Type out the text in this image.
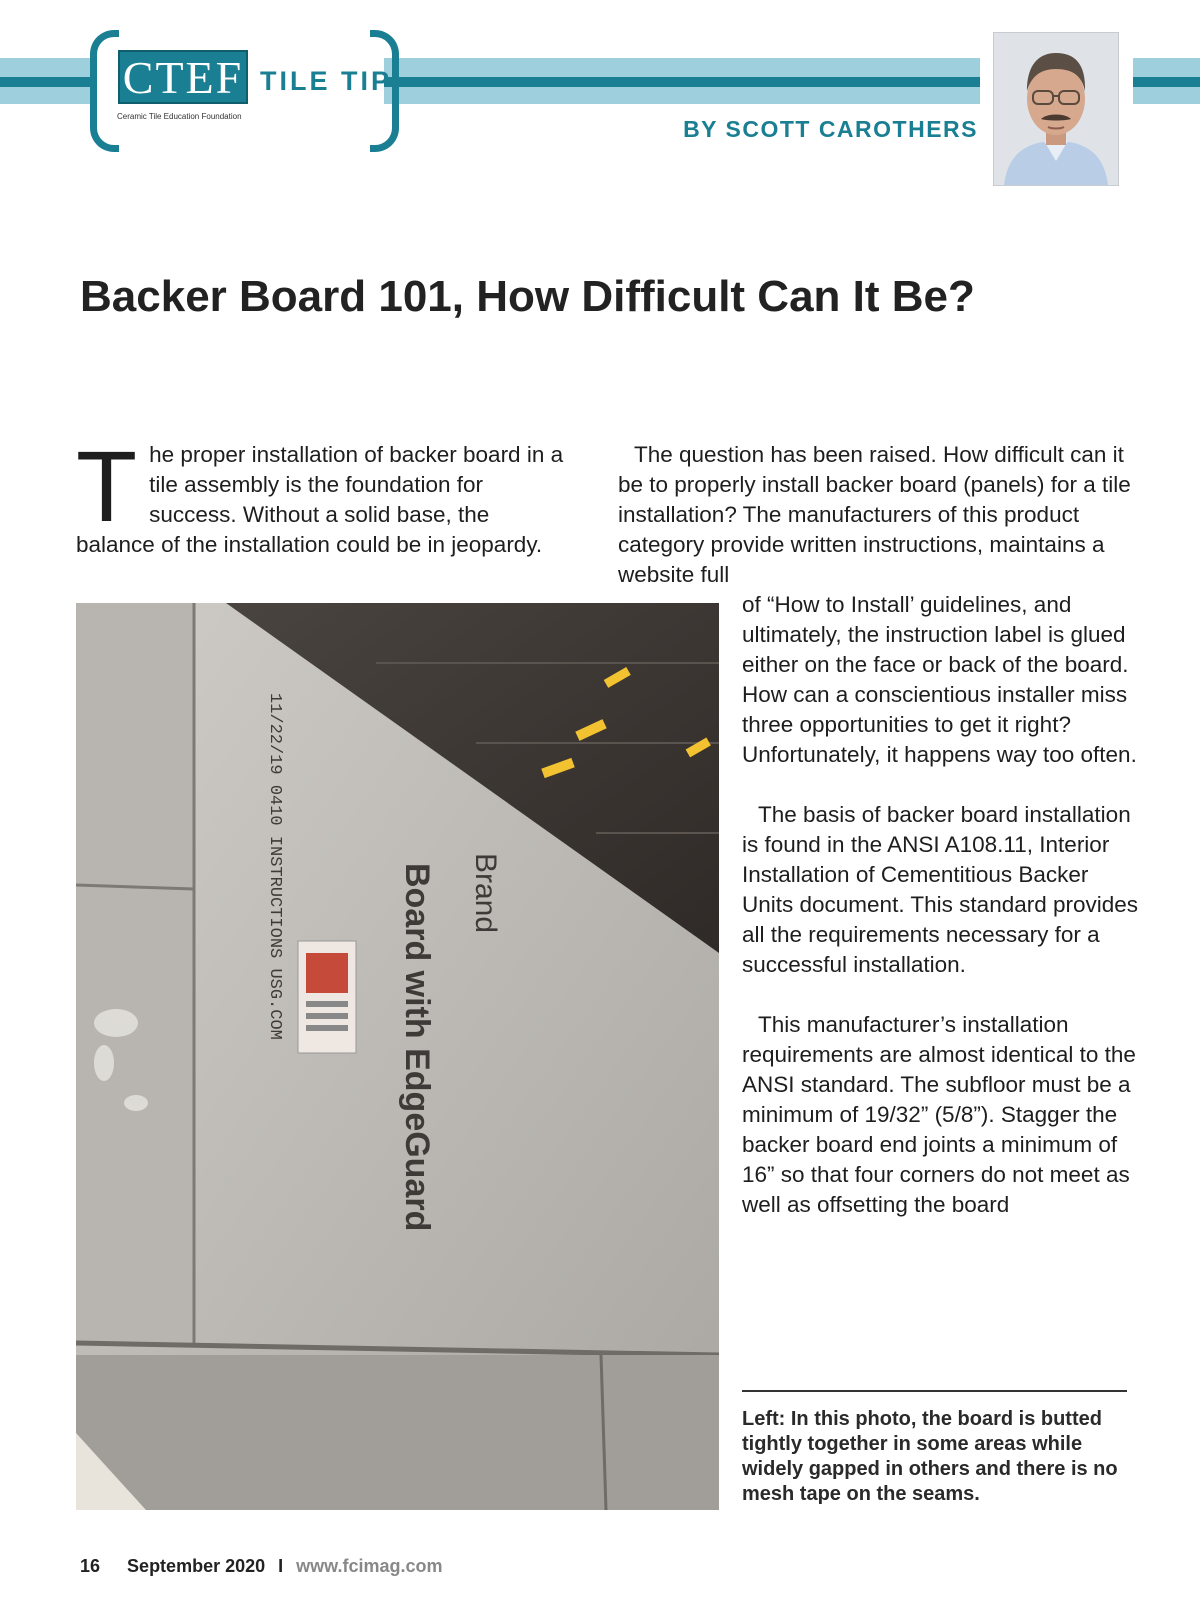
CTEF TILE TIP
Ceramic Tile Education Foundation	BY SCOTT CAROTHERS
Backer Board 101, How Difficult Can It Be?

The proper installation of backer board in a tile assembly is the foundation for success. Without a solid base, the balance of the installation could be in jeopardy.

The question has been raised. How difficult can it be to properly install backer board (panels) for a tile installation? The manufacturers of this product category provide written instructions, maintains a website full

of “How to Install’ guidelines, and ultimately, the instruction label is glued either on the face or back of the board. How can a conscientious installer miss three opportunities to get it right? Unfortunately, it happens way too often.

The basis of backer board installation is found in the ANSI A108.11, Interior Installation of Cementitious Backer Units document. This standard provides all the requirements necessary for a successful installation.

This manufacturer’s installation requirements are almost identical to the ANSI standard. The subfloor must be a minimum of 19/32” (5/8”). Stagger the backer board end joints a minimum of 16” so that four corners do not meet as well as offsetting the board

Board with EdgeGuard Brand
11/22/19 0410 INSTRUCTIONS USG.COM

Left: In this photo, the board is butted tightly together in some areas while widely gapped in others and there is no mesh tape on the seams.

16 September 2020 I www.fcimag.com
